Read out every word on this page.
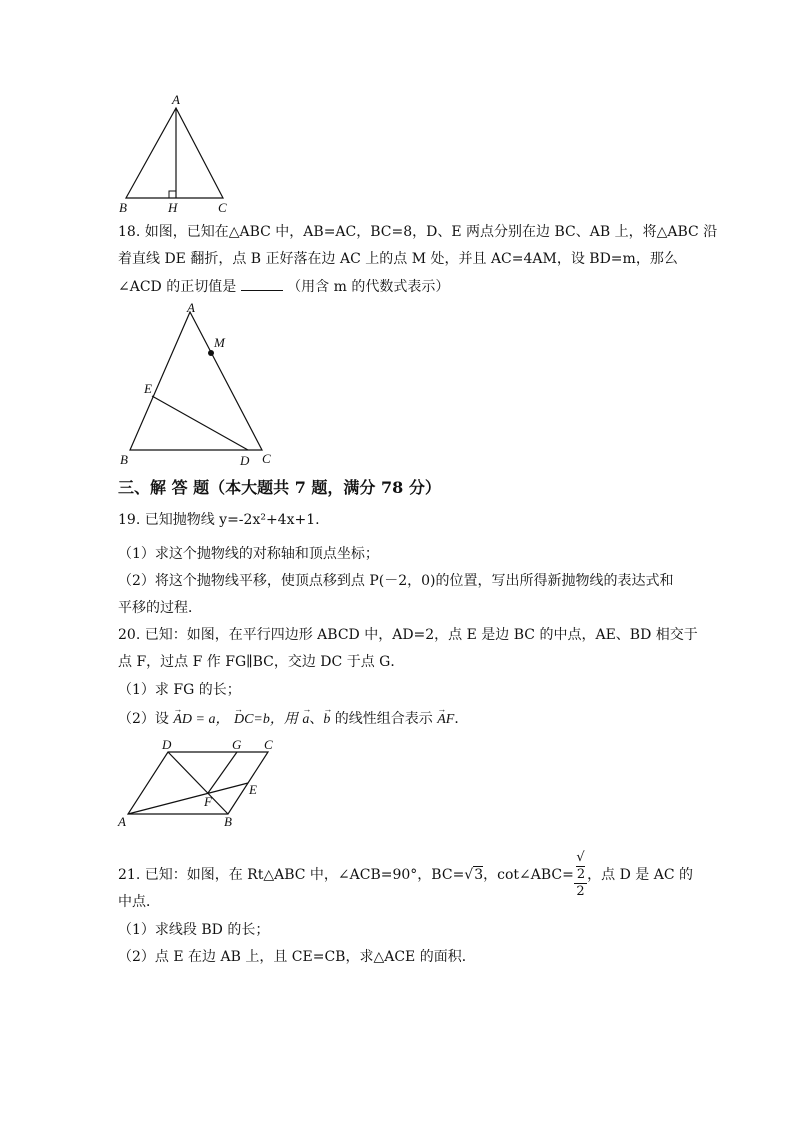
A
B	H	C
18. 如图，已知在△ABC 中，AB=AC，BC=8，D、E 两点分别在边 BC、AB 上，将△ABC 沿
着直线 DE 翻折，点 B 正好落在边 AC 上的点 M 处，并且 AC=4AM，设 BD=m，那么
∠ACD 的正切值是	（用含 m 的代数式表示）
A
M
E
B	D C
三、解 答 题（本大题共 7 题，满分 78 分）
19. 已知抛物线 y=-2x²+4x+1.
（1）求这个抛物线的对称轴和顶点坐标；
（2）将这个抛物线平移，使顶点移到点 P(－2，0)的位置，写出所得新抛物线的表达式和
平移的过程．
20. 已知：如图，在平行四边形 ABCD 中，AD=2，点 E 是边 BC 的中点，AE、BD 相交于
点 F，过点 F 作 FG∥BC，交边 DC 于点 G．
（1）求 FG 的长；
（2）设 → AD = a， → DC=b，用 → a、→ b 的线性组合表示 → AF．
D	G C
E
F
A	B
21. 已知：如图，在 Rt△ABC 中，∠ACB=90°，BC=√3，cot∠ABC= √
2
2 ，点 D 是 AC 的
中点．
（1）求线段 BD 的长；
（2）点 E 在边 AB 上，且 CE=CB，求△ACE 的面积．
